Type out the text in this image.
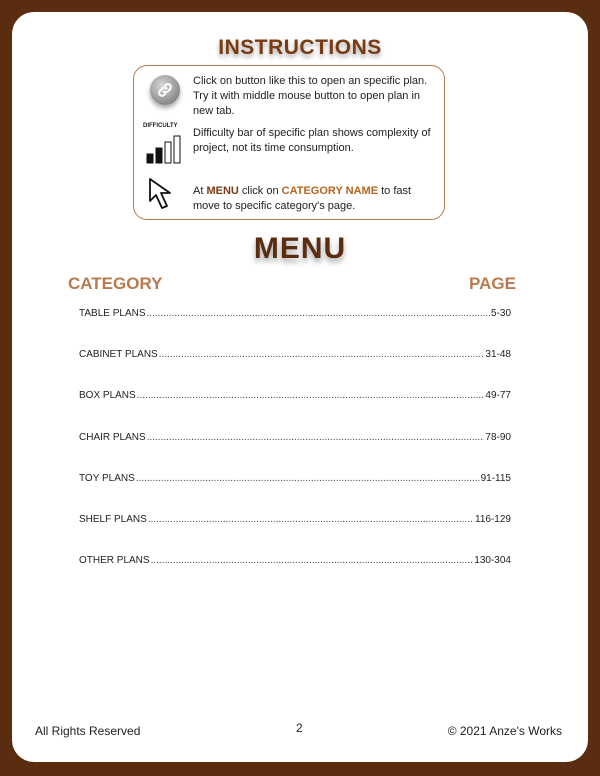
INSTRUCTIONS
Click on button like this to open an specific plan. Try it with middle mouse button to open plan in new tab.
DIFFICULTY
Difficulty bar of specific plan shows complexity of project, not its time consumption.
At MENU click on CATEGORY NAME to fast move to specific category's page.
MENU
CATEGORY	PAGE
TABLE PLANS .....	5-30
CABINET PLANS .....	31-48
BOX PLANS .....	49-77
CHAIR PLANS .....	78-90
TOY PLANS .....	91-115
SHELF PLANS .....	116-129
OTHER PLANS .....	130-304
All Rights Reserved	2	© 2021 Anze's Works
